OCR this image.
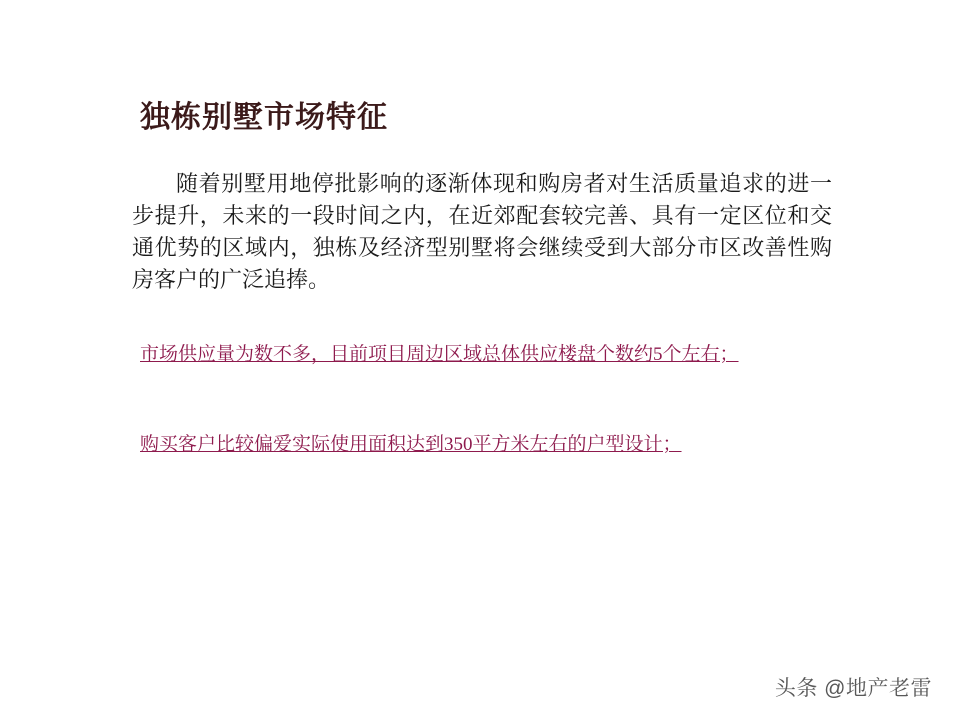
独栋别墅市场特征

随着别墅用地停批影响的逐渐体现和购房者对生活质量追求的进一步提升，未来的一段时间之内，在近郊配套较完善、具有一定区位和交通优势的区域内，独栋及经济型别墅将会继续受到大部分市区改善性购房客户的广泛追捧。

市场供应量为数不多，目前项目周边区域总体供应楼盘个数约5个左右；

购买客户比较偏爱实际使用面积达到350平方米左右的户型设计；

头条 @地产老雷
